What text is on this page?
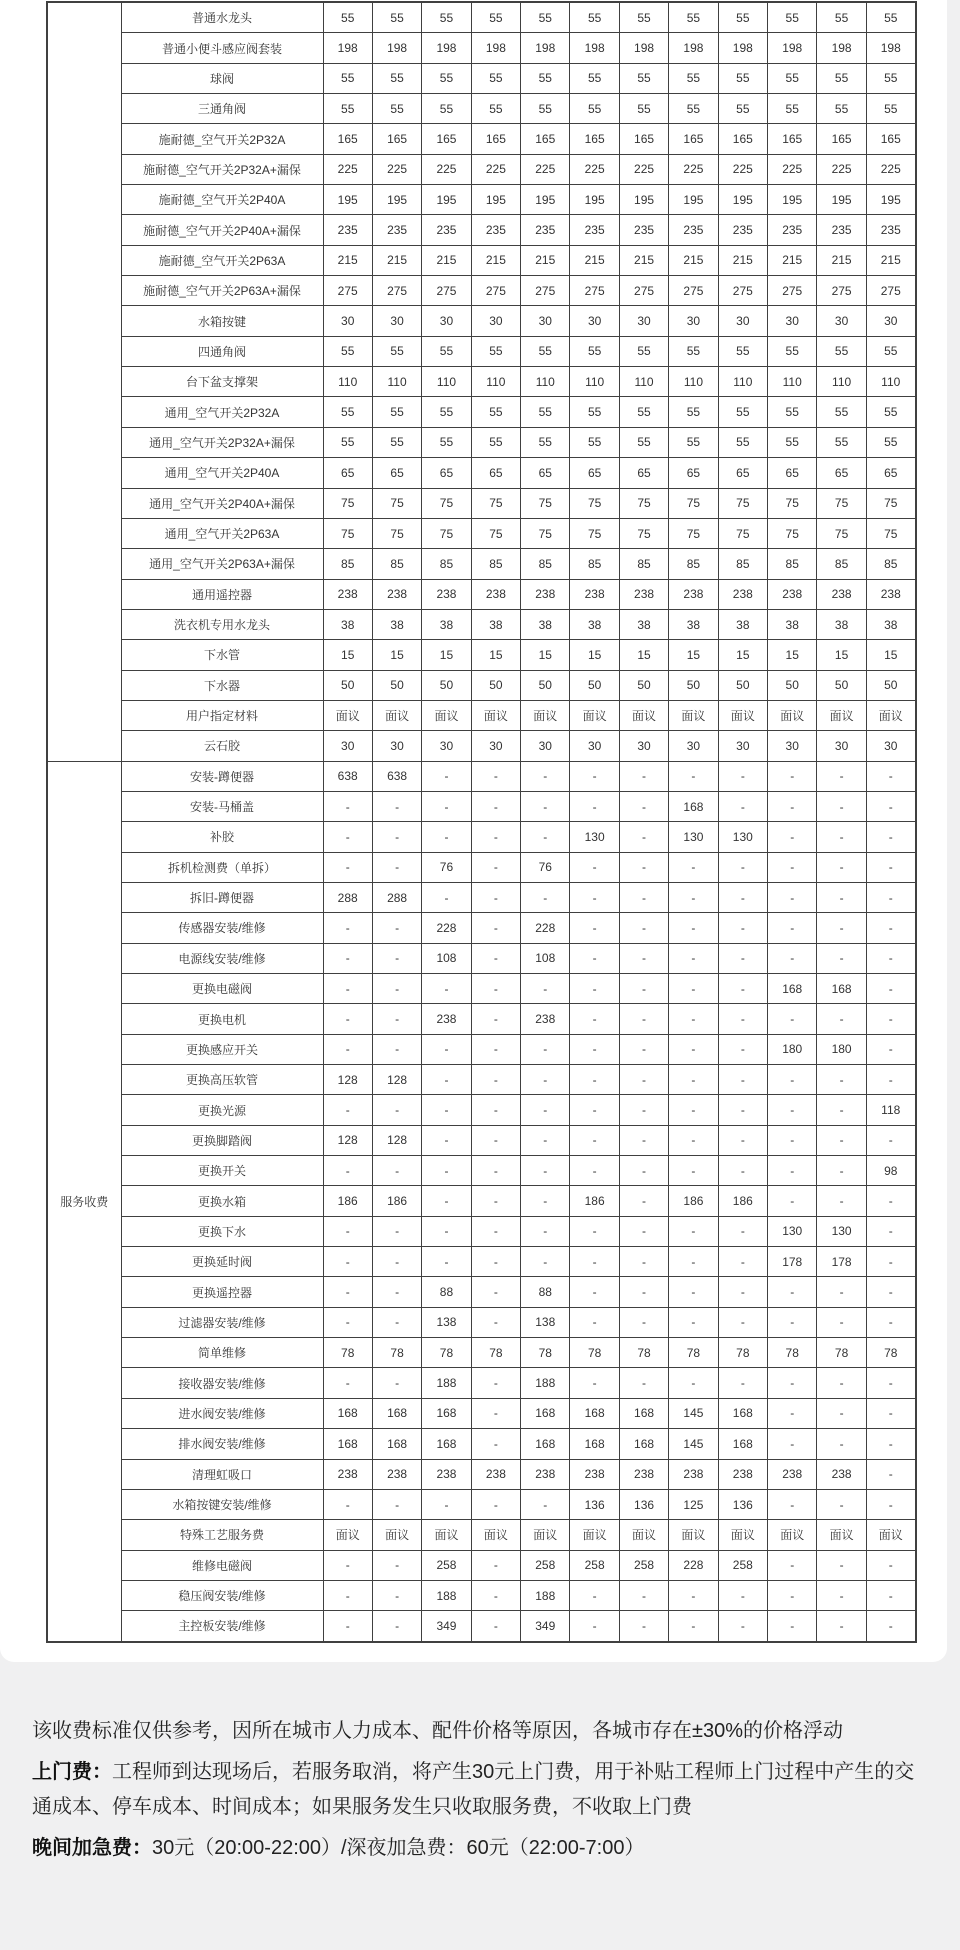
	普通水龙头	55	55	55	55	55	55	55	55	55	55	55	55
	普通小便斗感应阀套装	198	198	198	198	198	198	198	198	198	198	198	198
	球阀	55	55	55	55	55	55	55	55	55	55	55	55
	三通角阀	55	55	55	55	55	55	55	55	55	55	55	55
	施耐德_空气开关2P32A	165	165	165	165	165	165	165	165	165	165	165	165
	施耐德_空气开关2P32A+漏保	225	225	225	225	225	225	225	225	225	225	225	225
	施耐德_空气开关2P40A	195	195	195	195	195	195	195	195	195	195	195	195
	施耐德_空气开关2P40A+漏保	235	235	235	235	235	235	235	235	235	235	235	235
	施耐德_空气开关2P63A	215	215	215	215	215	215	215	215	215	215	215	215
	施耐德_空气开关2P63A+漏保	275	275	275	275	275	275	275	275	275	275	275	275
	水箱按键	30	30	30	30	30	30	30	30	30	30	30	30
	四通角阀	55	55	55	55	55	55	55	55	55	55	55	55
	台下盆支撑架	110	110	110	110	110	110	110	110	110	110	110	110
	通用_空气开关2P32A	55	55	55	55	55	55	55	55	55	55	55	55
	通用_空气开关2P32A+漏保	55	55	55	55	55	55	55	55	55	55	55	55
	通用_空气开关2P40A	65	65	65	65	65	65	65	65	65	65	65	65
	通用_空气开关2P40A+漏保	75	75	75	75	75	75	75	75	75	75	75	75
	通用_空气开关2P63A	75	75	75	75	75	75	75	75	75	75	75	75
	通用_空气开关2P63A+漏保	85	85	85	85	85	85	85	85	85	85	85	85
	通用遥控器	238	238	238	238	238	238	238	238	238	238	238	238
	洗衣机专用水龙头	38	38	38	38	38	38	38	38	38	38	38	38
	下水管	15	15	15	15	15	15	15	15	15	15	15	15
	下水器	50	50	50	50	50	50	50	50	50	50	50	50
	用户指定材料	面议	面议	面议	面议	面议	面议	面议	面议	面议	面议	面议	面议
	云石胶	30	30	30	30	30	30	30	30	30	30	30	30
服务收费	安装-蹲便器	638	638	-	-	-	-	-	-	-	-	-	-
	安装-马桶盖	-	-	-	-	-	-	-	168	-	-	-	-
	补胶	-	-	-	-	-	130	-	130	130	-	-	-
	拆机检测费（单拆）	-	-	76	-	76	-	-	-	-	-	-	-
	拆旧-蹲便器	288	288	-	-	-	-	-	-	-	-	-	-
	传感器安装/维修	-	-	228	-	228	-	-	-	-	-	-	-
	电源线安装/维修	-	-	108	-	108	-	-	-	-	-	-	-
	更换电磁阀	-	-	-	-	-	-	-	-	-	168	168	-
	更换电机	-	-	238	-	238	-	-	-	-	-	-	-
	更换感应开关	-	-	-	-	-	-	-	-	-	180	180	-
	更换高压软管	128	128	-	-	-	-	-	-	-	-	-	-
	更换光源	-	-	-	-	-	-	-	-	-	-	-	118
	更换脚踏阀	128	128	-	-	-	-	-	-	-	-	-	-
	更换开关	-	-	-	-	-	-	-	-	-	-	-	98
	更换水箱	186	186	-	-	-	186	-	186	186	-	-	-
	更换下水	-	-	-	-	-	-	-	-	-	130	130	-
	更换延时阀	-	-	-	-	-	-	-	-	-	178	178	-
	更换遥控器	-	-	88	-	88	-	-	-	-	-	-	-
	过滤器安装/维修	-	-	138	-	138	-	-	-	-	-	-	-
	简单维修	78	78	78	78	78	78	78	78	78	78	78	78
	接收器安装/维修	-	-	188	-	188	-	-	-	-	-	-	-
	进水阀安装/维修	168	168	168	-	168	168	168	145	168	-	-	-
	排水阀安装/维修	168	168	168	-	168	168	168	145	168	-	-	-
	清理虹吸口	238	238	238	238	238	238	238	238	238	238	238	-
	水箱按键安装/维修	-	-	-	-	-	136	136	125	136	-	-	-
	特殊工艺服务费	面议	面议	面议	面议	面议	面议	面议	面议	面议	面议	面议	面议
	维修电磁阀	-	-	258	-	258	258	258	228	258	-	-	-
	稳压阀安装/维修	-	-	188	-	188	-	-	-	-	-	-	-
	主控板安装/维修	-	-	349	-	349	-	-	-	-	-	-	-

该收费标准仅供参考，因所在城市人力成本、配件价格等原因，各城市存在±30%的价格浮动

上门费：工程师到达现场后，若服务取消，将产生30元上门费，用于补贴工程师上门过程中产生的交通成本、停车成本、时间成本；如果服务发生只收取服务费，不收取上门费

晚间加急费：30元（20:00-22:00）/深夜加急费：60元（22:00-7:00）
